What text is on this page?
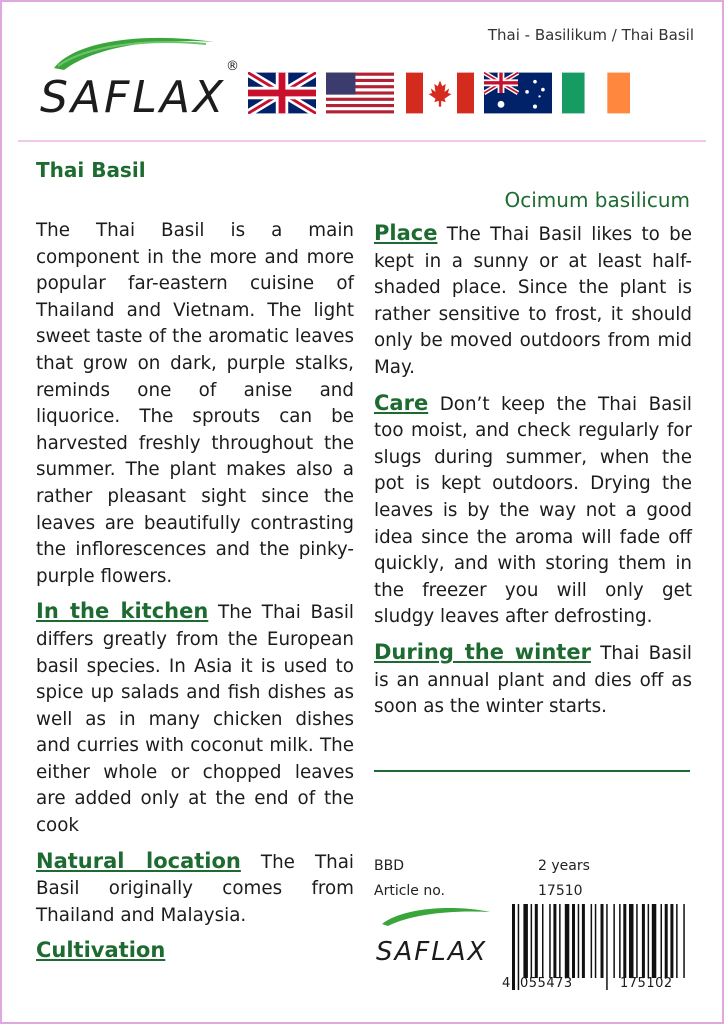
Thai - Basilikum / Thai Basil
SAFLAX
®
Thai Basil
Ocimum basilicum

The Thai Basil is a main component in the more and more popular far-eastern cuisine of Thailand and Vietnam. The light sweet taste of the aromatic leaves that grow on dark, purple stalks, reminds one of anise and liquorice. The sprouts can be harvested freshly throughout the summer. The plant makes also a rather pleasant sight since the leaves are beautifully contrasting the inflorescences and the pinky-purple flowers.

In the kitchen The Thai Basil differs greatly from the European basil species. In Asia it is used to spice up salads and fish dishes as well as in many chicken dishes and curries with coconut milk. The either whole or chopped leaves are added only at the end of the cook

Natural location The Thai Basil originally comes from Thailand and Malaysia.

Cultivation

Place The Thai Basil likes to be kept in a sunny or at least half-shaded place. Since the plant is rather sensitive to frost, it should only be moved outdoors from mid May.

Care Don’t keep the Thai Basil too moist, and check regularly for slugs during summer, when the pot is kept outdoors. Drying the leaves is by the way not a good idea since the aroma will fade off quickly, and with storing them in the freezer you will only get sludgy leaves after defrosting.

During the winter Thai Basil is an annual plant and dies off as soon as the winter starts.

BBD	2 years
Article no.	17510
SAFLAX
4 055473	175102
